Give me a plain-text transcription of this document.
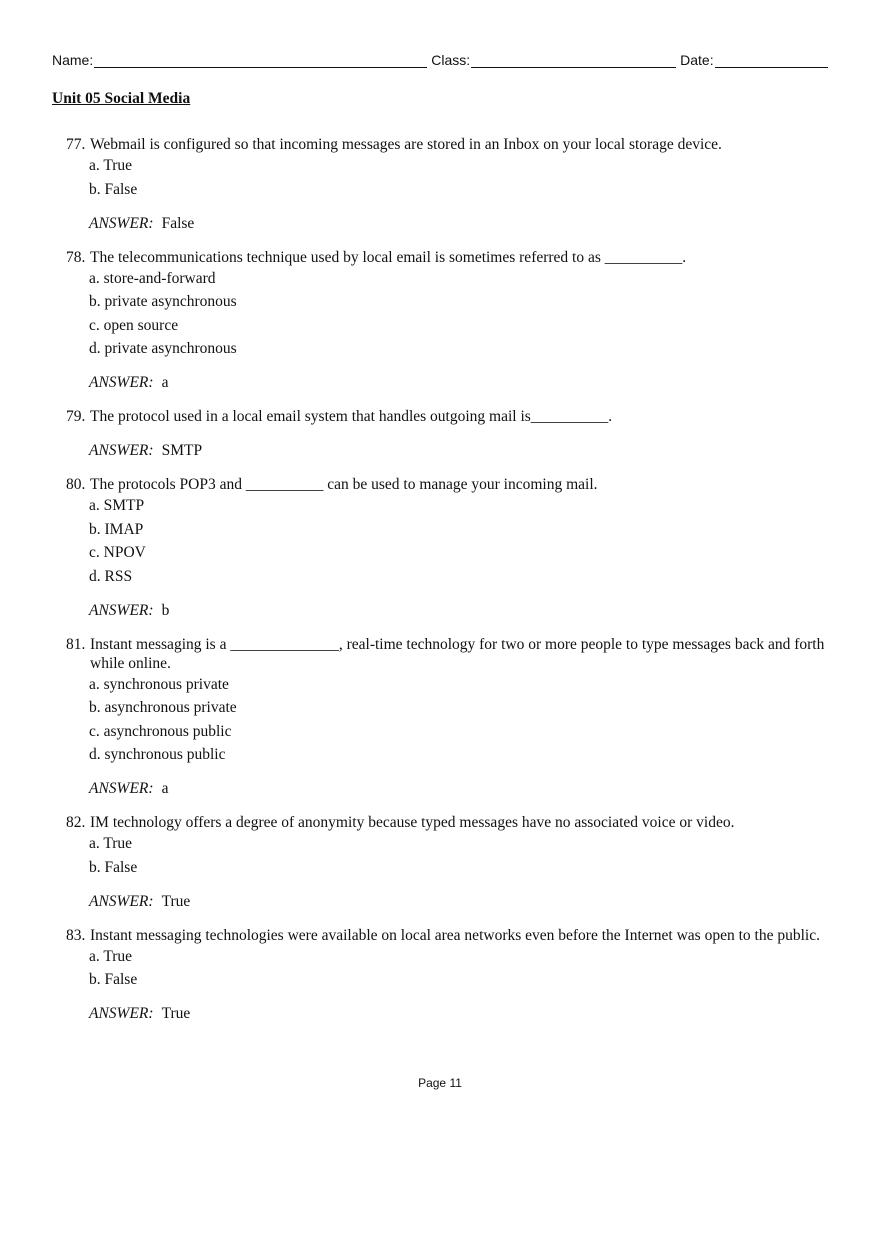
Name:	Class:	Date:
Unit 05 Social Media
77. Webmail is configured so that incoming messages are stored in an Inbox on your local storage device.
a. True
b. False
ANSWER: False
78. The telecommunications technique used by local email is sometimes referred to as __________.
a. store-and-forward
b. private asynchronous
c. open source
d. private asynchronous
ANSWER: a
79. The protocol used in a local email system that handles outgoing mail is__________.
ANSWER: SMTP
80. The protocols POP3 and __________ can be used to manage your incoming mail.
a. SMTP
b. IMAP
c. NPOV
d. RSS
ANSWER: b
81. Instant messaging is a ______________, real-time technology for two or more people to type messages back and forth while online.
a. synchronous private
b. asynchronous private
c. asynchronous public
d. synchronous public
ANSWER: a
82. IM technology offers a degree of anonymity because typed messages have no associated voice or video.
a. True
b. False
ANSWER: True
83. Instant messaging technologies were available on local area networks even before the Internet was open to the public.
a. True
b. False
ANSWER: True
Page 11
